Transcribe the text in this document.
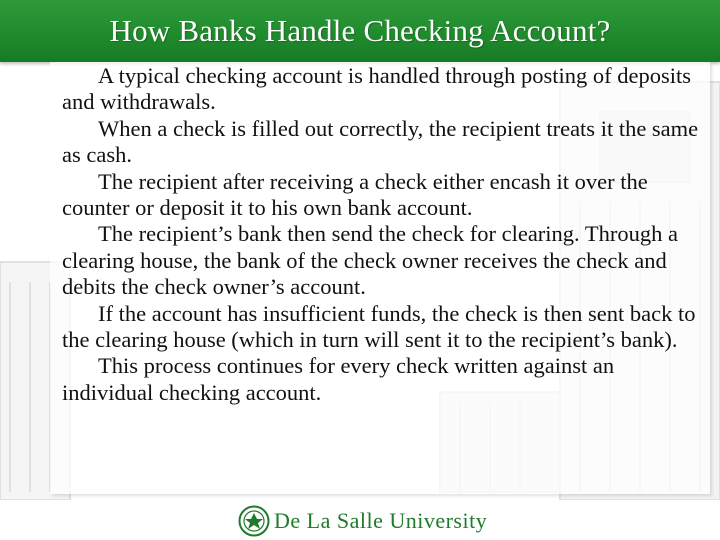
How Banks Handle Checking Account?

A typical checking account is handled through posting of deposits and withdrawals.

When a check is filled out correctly, the recipient treats it the same as cash.

The recipient after receiving a check either encash it over the counter or deposit it to his own bank account.

The recipient’s bank then send the check for clearing. Through a clearing house, the bank of the check owner receives the check and debits the check owner’s account.

If the account has insufficient funds, the check is then sent back to the clearing house (which in turn will sent it to the recipient’s bank).

This process continues for every check written against an individual checking account.

De La Salle University
